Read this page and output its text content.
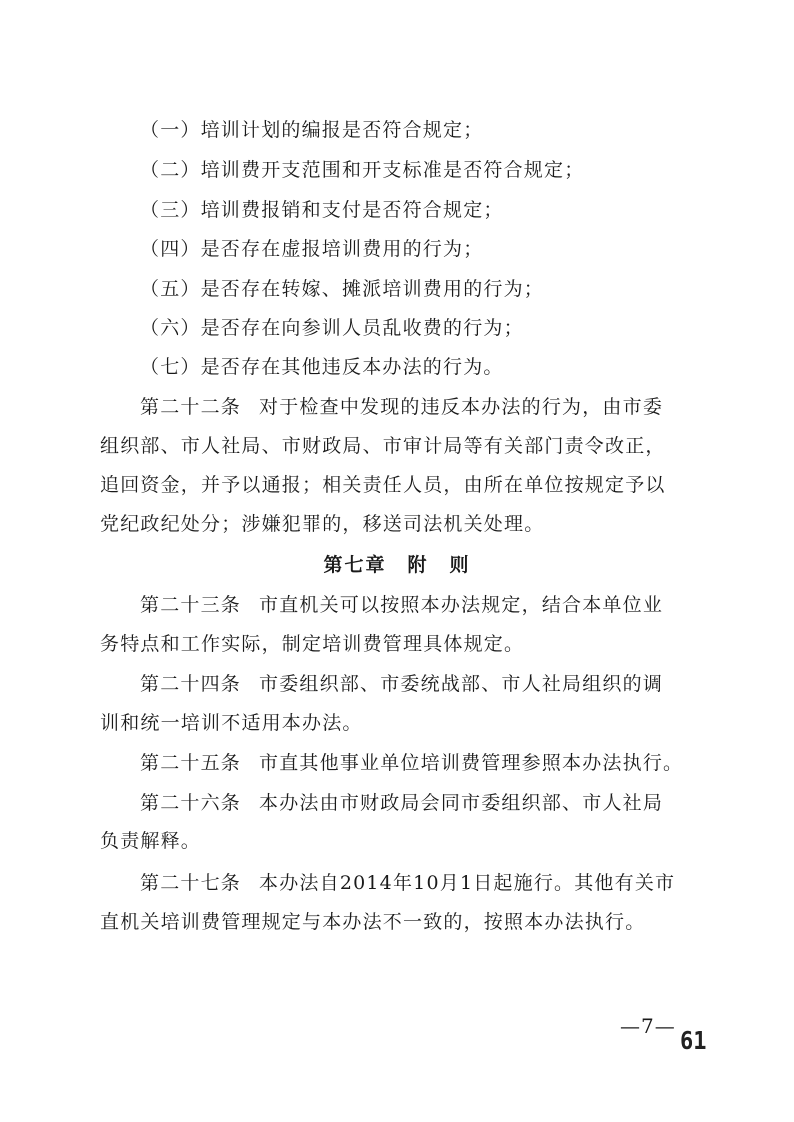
（一）培训计划的编报是否符合规定；
（二）培训费开支范围和开支标准是否符合规定；
（三）培训费报销和支付是否符合规定；
（四）是否存在虚报培训费用的行为；
（五）是否存在转嫁、摊派培训费用的行为；
（六）是否存在向参训人员乱收费的行为；
（七）是否存在其他违反本办法的行为。
第二十二条 对于检查中发现的违反本办法的行为，由市委
组织部、市人社局、市财政局、市审计局等有关部门责令改正，
追回资金，并予以通报；相关责任人员，由所在单位按规定予以
党纪政纪处分；涉嫌犯罪的，移送司法机关处理。
第七章　附　则
第二十三条 市直机关可以按照本办法规定，结合本单位业
务特点和工作实际，制定培训费管理具体规定。
第二十四条 市委组织部、市委统战部、市人社局组织的调
训和统一培训不适用本办法。
第二十五条 市直其他事业单位培训费管理参照本办法执行。
第二十六条 本办法由市财政局会同市委组织部、市人社局
负责解释。
第二十七条 本办法自2014年10月1日起施行。其他有关市
直机关培训费管理规定与本办法不一致的，按照本办法执行。
—7—
61
